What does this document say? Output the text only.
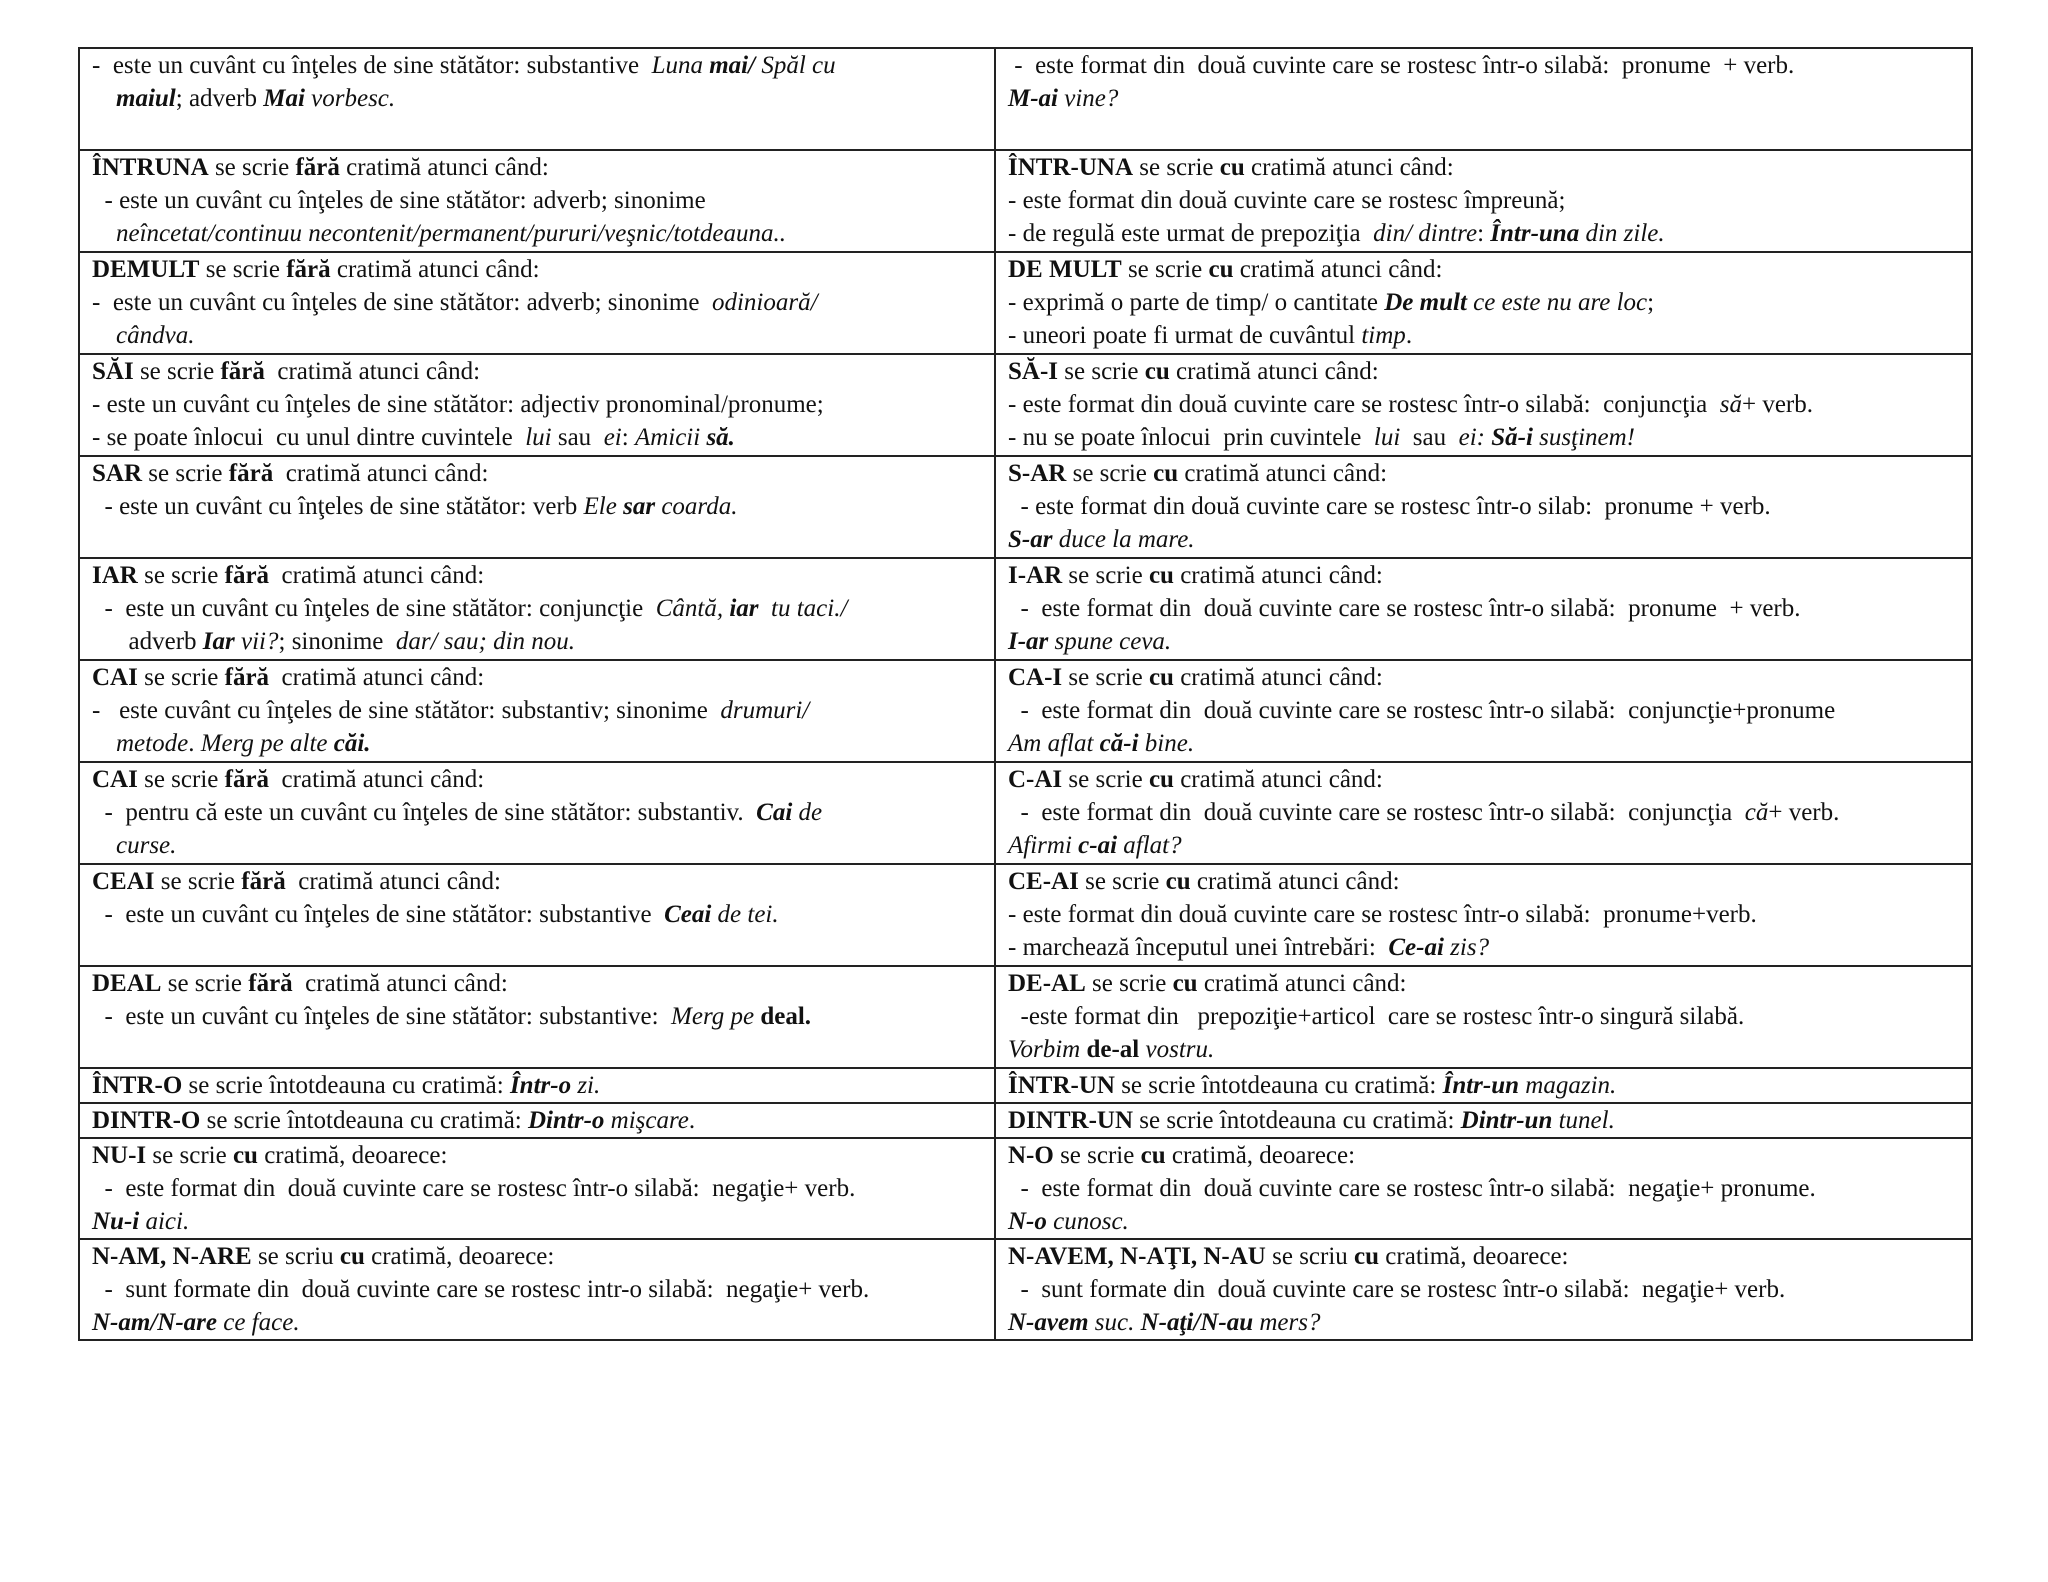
-  este un cuvânt cu înţeles de sine stătător: substantive  Luna mai/ Spăl cu
maiul; adverb Mai vorbesc.	-  este format din  două cuvinte care se rostesc într-o silabă:  pronume  + verb.
M-ai vine?

ÎNTRUNA se scrie fără cratimă atunci când:
- este un cuvânt cu înţeles de sine stătător: adverb; sinonime
neîncetat/continuu necontenit/permanent/pururi/veşnic/totdeauna..	ÎNTR-UNA se scrie cu cratimă atunci când:
- este format din două cuvinte care se rostesc împreună;
- de regulă este urmat de prepoziţia  din/ dintre: Într-una din zile.

DEMULT se scrie fără cratimă atunci când:
-  este un cuvânt cu înţeles de sine stătător: adverb; sinonime  odinioară/
cândva.	DE MULT se scrie cu cratimă atunci când:
- exprimă o parte de timp/ o cantitate De mult ce este nu are loc;
- uneori poate fi urmat de cuvântul timp.

SĂI se scrie fără  cratimă atunci când:
- este un cuvânt cu înţeles de sine stătător: adjectiv pronominal/pronume;
- se poate înlocui  cu unul dintre cuvintele  lui sau  ei: Amicii să.	SĂ-I se scrie cu cratimă atunci când:
- este format din două cuvinte care se rostesc într-o silabă:  conjuncţia  să+ verb.
- nu se poate înlocui  prin cuvintele  lui  sau  ei: Să-i susţinem!

SAR se scrie fără  cratimă atunci când:
- este un cuvânt cu înţeles de sine stătător: verb Ele sar coarda.	S-AR se scrie cu cratimă atunci când:
- este format din două cuvinte care se rostesc într-o silab:  pronume + verb.
S-ar duce la mare.

IAR se scrie fără  cratimă atunci când:
-  este un cuvânt cu înţeles de sine stătător: conjuncţie  Cântă, iar  tu taci./
adverb Iar vii?; sinonime  dar/ sau; din nou.	I-AR se scrie cu cratimă atunci când:
-  este format din  două cuvinte care se rostesc într-o silabă:  pronume  + verb.
I-ar spune ceva.

CAI se scrie fără  cratimă atunci când:
-   este cuvânt cu înţeles de sine stătător: substantiv; sinonime  drumuri/
metode. Merg pe alte căi.	CA-I se scrie cu cratimă atunci când:
-  este format din  două cuvinte care se rostesc într-o silabă:  conjuncţie+pronume
Am aflat că-i bine.

CAI se scrie fără  cratimă atunci când:
-  pentru că este un cuvânt cu înţeles de sine stătător: substantiv.  Cai de
curse.	C-AI se scrie cu cratimă atunci când:
-  este format din  două cuvinte care se rostesc într-o silabă:  conjuncţia  că+ verb.
Afirmi c-ai aflat?

CEAI se scrie fără  cratimă atunci când:
-  este un cuvânt cu înţeles de sine stătător: substantive  Ceai de tei.	CE-AI se scrie cu cratimă atunci când:
- este format din două cuvinte care se rostesc într-o silabă:  pronume+verb.
- marchează începutul unei întrebări:  Ce-ai zis?

DEAL se scrie fără  cratimă atunci când:
-  este un cuvânt cu înţeles de sine stătător: substantive:  Merg pe deal.	DE-AL se scrie cu cratimă atunci când:
-este format din   prepoziţie+articol  care se rostesc într-o singură silabă.
Vorbim de-al vostru.

ÎNTR-O se scrie întotdeauna cu cratimă: Într-o zi.	ÎNTR-UN se scrie întotdeauna cu cratimă: Într-un magazin.

DINTR-O se scrie întotdeauna cu cratimă: Dintr-o mişcare.	DINTR-UN se scrie întotdeauna cu cratimă: Dintr-un tunel.

NU-I se scrie cu cratimă, deoarece:
-  este format din  două cuvinte care se rostesc într-o silabă:  negaţie+ verb.
Nu-i aici.	N-O se scrie cu cratimă, deoarece:
-  este format din  două cuvinte care se rostesc într-o silabă:  negaţie+ pronume.
N-o cunosc.

N-AM, N-ARE se scriu cu cratimă, deoarece:
-  sunt formate din  două cuvinte care se rostesc intr-o silabă:  negaţie+ verb.
N-am/N-are ce face.	N-AVEM, N-AŢI, N-AU se scriu cu cratimă, deoarece:
-  sunt formate din  două cuvinte care se rostesc într-o silabă:  negaţie+ verb.
N-avem suc. N-aţi/N-au mers?
